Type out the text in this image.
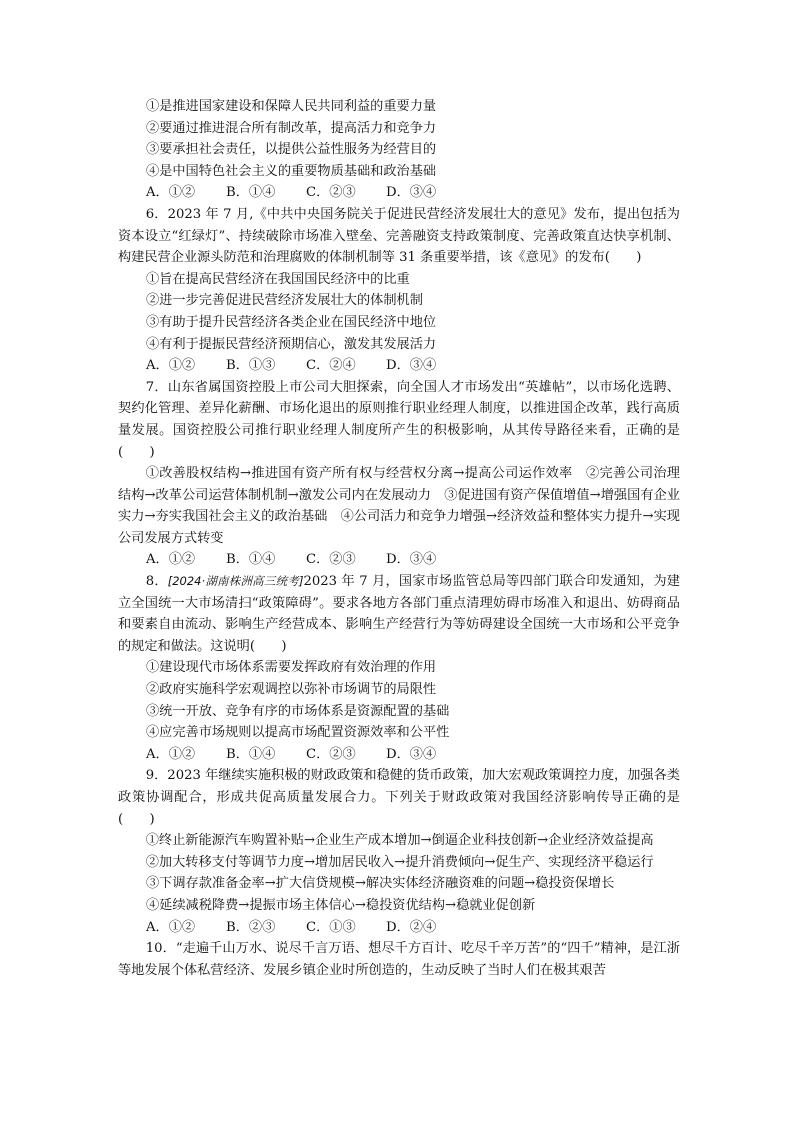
①是推进国家建设和保障人民共同利益的重要力量
②要通过推进混合所有制改革，提高活力和竞争力
③要承担社会责任，以提供公益性服务为经营目的
④是中国特色社会主义的重要物质基础和政治基础
A．①②	B．①④	C．②③	D．③④

6．2023 年 7 月,《中共中央国务院关于促进民营经济发展壮大的意见》发布，提出包括为资本设立“红绿灯”、持续破除市场准入壁垒、完善融资支持政策制度、完善政策直达快享机制、构建民营企业源头防范和治理腐败的体制机制等 31 条重要举措，该《意见》的发布(　　)

①旨在提高民营经济在我国国民经济中的比重
②进一步完善促进民营经济发展壮大的体制机制
③有助于提升民营经济各类企业在国民经济中地位
④有利于提振民营经济预期信心，激发其发展活力
A．①②	B．①③	C．②④	D．③④

7．山东省属国资控股上市公司大胆探索，向全国人才市场发出“英雄帖”，以市场化选聘、契约化管理、差异化薪酬、市场化退出的原则推行职业经理人制度，以推进国企改革，践行高质量发展。国资控股公司推行职业经理人制度所产生的积极影响，从其传导路径来看，正确的是(　　)

①改善股权结构→推进国有资产所有权与经营权分离→提高公司运作效率　②完善公司治理结构→改革公司运营体制机制→激发公司内在发展动力　③促进国有资产保值增值→增强国有企业实力→夯实我国社会主义的政治基础　④公司活力和竞争力增强→经济效益和整体实力提升→实现公司发展方式转变

A．①②	B．①④	C．②③	D．③④

8．[2024·湖南株洲高三统考]2023 年 7 月，国家市场监管总局等四部门联合印发通知，为建立全国统一大市场清扫“政策障碍”。要求各地方各部门重点清理妨碍市场准入和退出、妨碍商品和要素自由流动、影响生产经营成本、影响生产经营行为等妨碍建设全国统一大市场和公平竞争的规定和做法。这说明(　　)

①建设现代市场体系需要发挥政府有效治理的作用
②政府实施科学宏观调控以弥补市场调节的局限性
③统一开放、竞争有序的市场体系是资源配置的基础
④应完善市场规则以提高市场配置资源效率和公平性
A．①②	B．①④	C．②③	D．③④

9．2023 年继续实施积极的财政政策和稳健的货币政策，加大宏观政策调控力度，加强各类政策协调配合，形成共促高质量发展合力。下列关于财政政策对我国经济影响传导正确的是(　　)

①终止新能源汽车购置补贴→企业生产成本增加→倒逼企业科技创新→企业经济效益提高

②加大转移支付等调节力度→增加居民收入→提升消费倾向→促生产、实现经济平稳运行

③下调存款准备金率→扩大信贷规模→解决实体经济融资难的问题→稳投资保增长
④延续减税降费→提振市场主体信心→稳投资优结构→稳就业促创新
A．①②	B．②③	C．①③	D．②④

10．“走遍千山万水、说尽千言万语、想尽千方百计、吃尽千辛万苦”的“四千”精神，是江浙等地发展个体私营经济、发展乡镇企业时所创造的，生动反映了当时人们在极其艰苦
